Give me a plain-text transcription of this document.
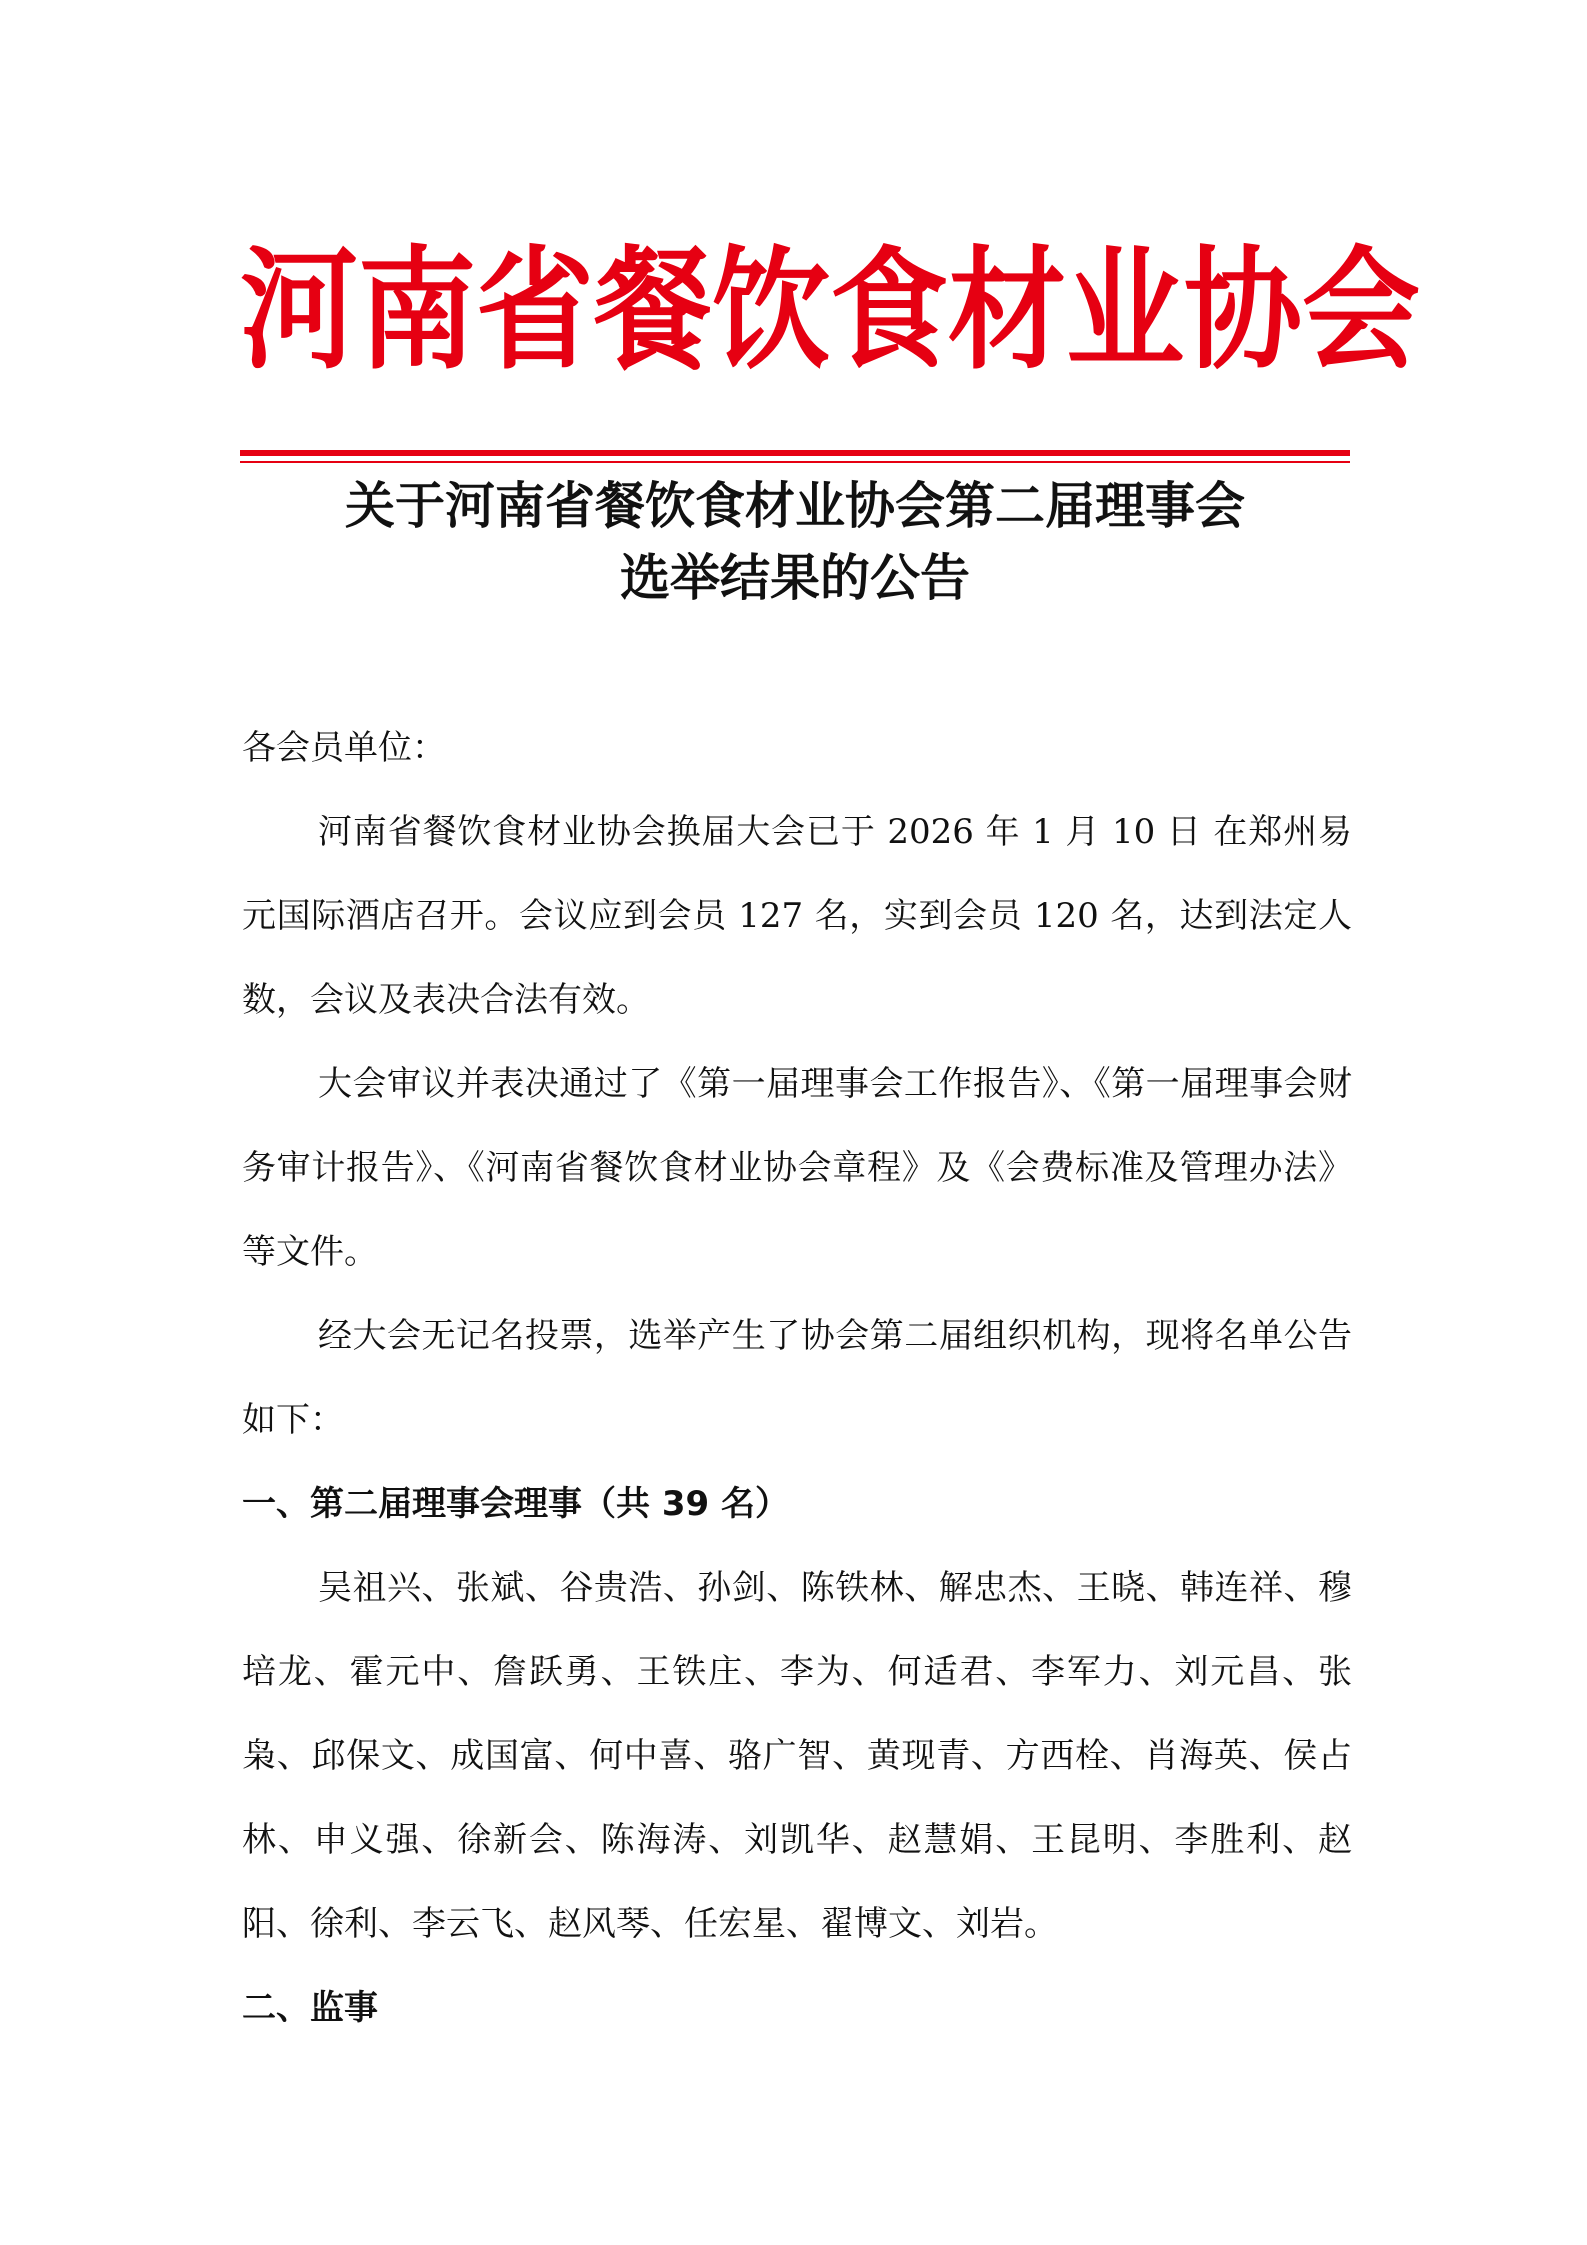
河南省餐饮食材业协会
关于河南省餐饮食材业协会第二届理事会
选举结果的公告

各会员单位：

河南省餐饮食材业协会换届大会已于 2026 年 1 月 10 日 在郑州易元国际酒店召开。会议应到会员 127 名，实到会员 120 名，达到法定人数，会议及表决合法有效。

大会审议并表决通过了《第一届理事会工作报告》、《第一届理事会财务审计报告》、《河南省餐饮食材业协会章程》及《会费标准及管理办法》等文件。

经大会无记名投票，选举产生了协会第二届组织机构，现将名单公告如下：

一、第二届理事会理事（共 39 名）

吴祖兴、张斌、谷贵浩、孙剑、陈铁林、解忠杰、王晓、韩连祥、穆培龙、霍元中、詹跃勇、王铁庄、李为、何适君、李军力、刘元昌、张枭、邱保文、成国富、何中喜、骆广智、黄现青、方西栓、肖海英、侯占林、申义强、徐新会、陈海涛、刘凯华、赵慧娟、王昆明、李胜利、赵阳、徐利、李云飞、赵风琴、任宏星、翟博文、刘岩。

二、监事
